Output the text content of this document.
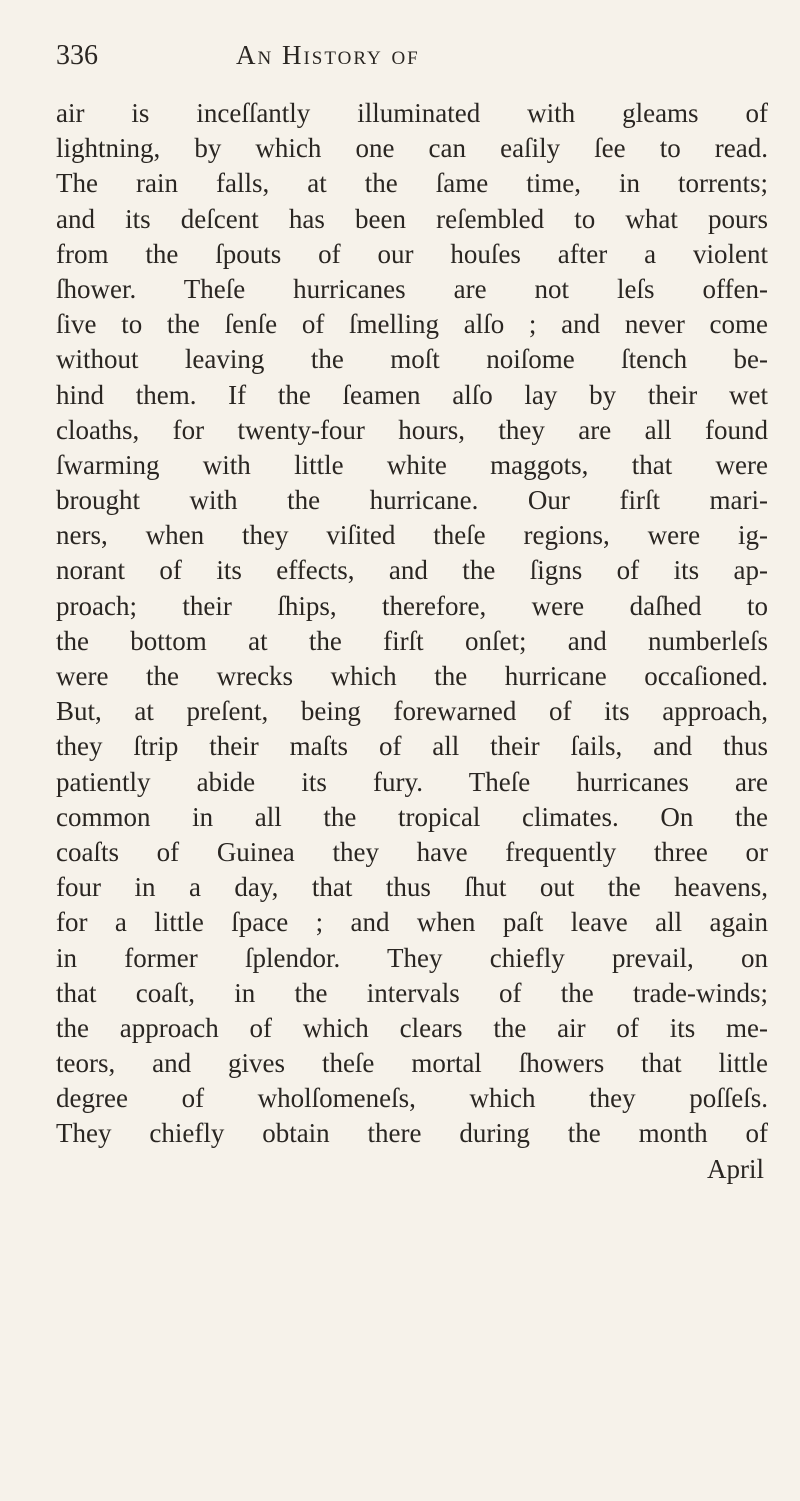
336	An History of
air is inceſſantly illuminated with gleams of
lightning, by which one can eaſily ſee to read.
The rain falls, at the ſame time, in torrents;
and its deſcent has been reſembled to what pours
from the ſpouts of our houſes after a violent
ſhower. Theſe hurricanes are not leſs offen-
ſive to the ſenſe of ſmelling alſo ; and never come
without leaving the moſt noiſome ſtench be-
hind them. If the ſeamen alſo lay by their wet
cloaths, for twenty-four hours, they are all found
ſwarming with little white maggots, that were
brought with the hurricane. Our firſt mari-
ners, when they viſited theſe regions, were ig-
norant of its effects, and the ſigns of its ap-
proach; their ſhips, therefore, were daſhed to
the bottom at the firſt onſet; and numberleſs
were the wrecks which the hurricane occaſioned.
But, at preſent, being forewarned of its approach,
they ſtrip their maſts of all their ſails, and thus
patiently abide its fury. Theſe hurricanes are
common in all the tropical climates. On the
coaſts of Guinea they have frequently three or
four in a day, that thus ſhut out the heavens,
for a little ſpace ; and when paſt leave all again
in former ſplendor. They chiefly prevail, on
that coaſt, in the intervals of the trade-winds;
the approach of which clears the air of its me-
teors, and gives theſe mortal ſhowers that little
degree of wholſomeneſs, which they poſſeſs.
They chiefly obtain there during the month of
April
